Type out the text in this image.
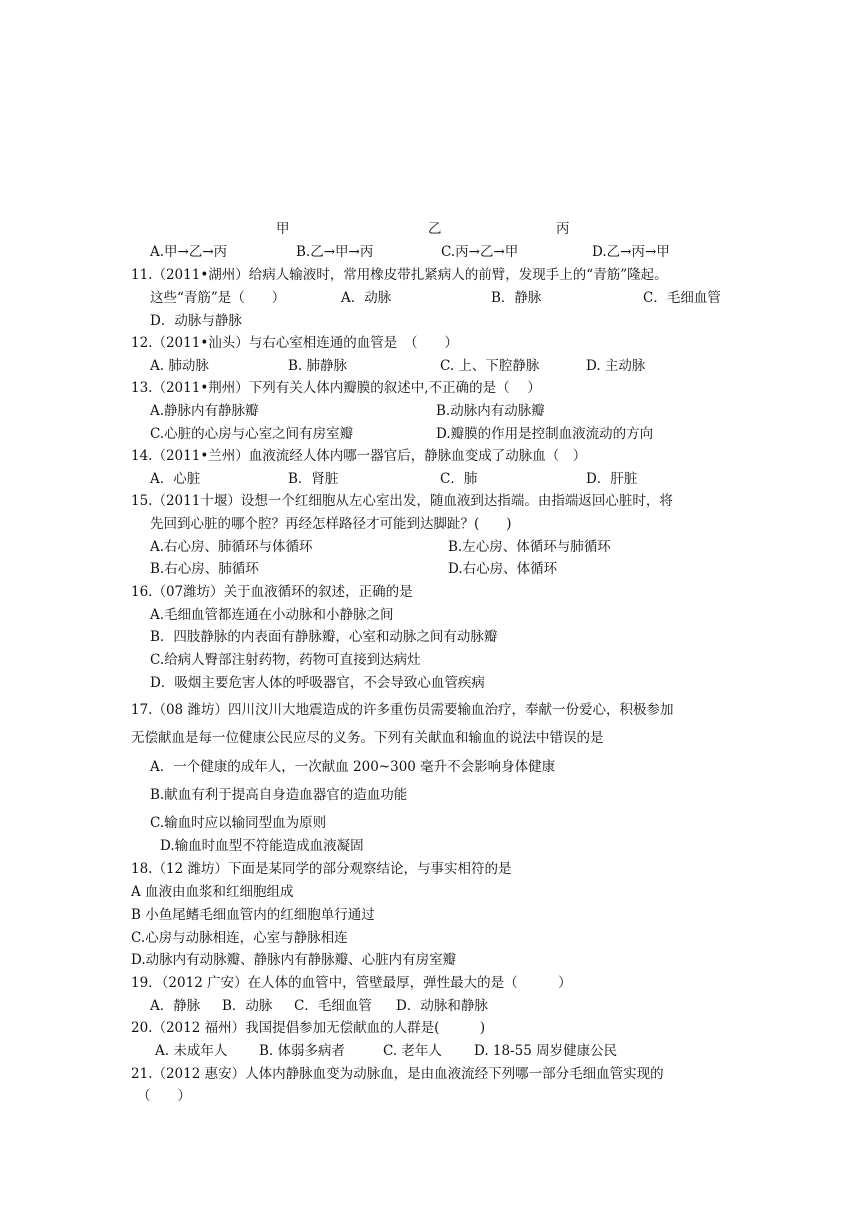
甲	乙	丙
A.甲→乙→丙	B.乙→甲→丙	C.丙→乙→甲	D.乙→丙→甲
11.（2011•湖州）给病人输液时，常用橡皮带扎紧病人的前臂，发现手上的“青筋”隆起。
这些“青筋”是（　　）	A．动脉	B．静脉	C．毛细血管
D．动脉与静脉
12.（2011•汕头）与右心室相连通的血管是　（　　）
A. 肺动脉	B. 肺静脉	C. 上、下腔静脉	D. 主动脉
13.（2011•荆州）下列有关人体内瓣膜的叙述中,不正确的是（　 ）
A.静脉内有静脉瓣	B.动脉内有动脉瓣
C.心脏的心房与心室之间有房室瓣	D.瓣膜的作用是控制血液流动的方向
14.（2011•兰州）血液流经人体内哪一器官后，静脉血变成了动脉血（　）
A．心脏	B．肾脏	C．肺	D．肝脏
15.（2011十堰）设想一个红细胞从左心室出发，随血液到达指端。由指端返回心脏时，将
先回到心脏的哪个腔？再经怎样路径才可能到达脚趾？(　　)
A.右心房、肺循环与体循环	B.左心房、体循环与肺循环
B.右心房、肺循环	D.右心房、体循环
16.（07潍坊）关于血液循环的叙述，正确的是
A.毛细血管都连通在小动脉和小静脉之间
B．四肢静脉的内表面有静脉瓣，心室和动脉之间有动脉瓣
C.给病人臀部注射药物，药物可直接到达病灶
D．吸烟主要危害人体的呼吸器官，不会导致心血管疾病
17.（08 潍坊）四川汶川大地震造成的许多重伤员需要输血治疗，奉献一份爱心，积极参加
无偿献血是每一位健康公民应尽的义务。下列有关献血和输血的说法中错误的是
A．一个健康的成年人，一次献血 200~300 毫升不会影响身体健康
B.献血有利于提高自身造血器官的造血功能
C.输血时应以输同型血为原则
D.输血时血型不符能造成血液凝固
18.（12 潍坊）下面是某同学的部分观察结论，与事实相符的是
A 血液由血浆和红细胞组成
B 小鱼尾鳍毛细血管内的红细胞单行通过
C.心房与动脉相连，心室与静脉相连
D.动脉内有动脉瓣、静脉内有静脉瓣、心脏内有房室瓣
19．（2012 广安）在人体的血管中，管壁最厚，弹性最大的是（　　　）
A．静脉 B．动脉 C．毛细血管 D．动脉和静脉
20.（2012 福州）我国提倡参加无偿献血的人群是(　　　)
A. 未成年人 B. 体弱多病者	C. 老年人 D. 18-55 周岁健康公民
21.（2012 惠安）人体内静脉血变为动脉血，是由血液流经下列哪一部分毛细血管实现的
（　　）
